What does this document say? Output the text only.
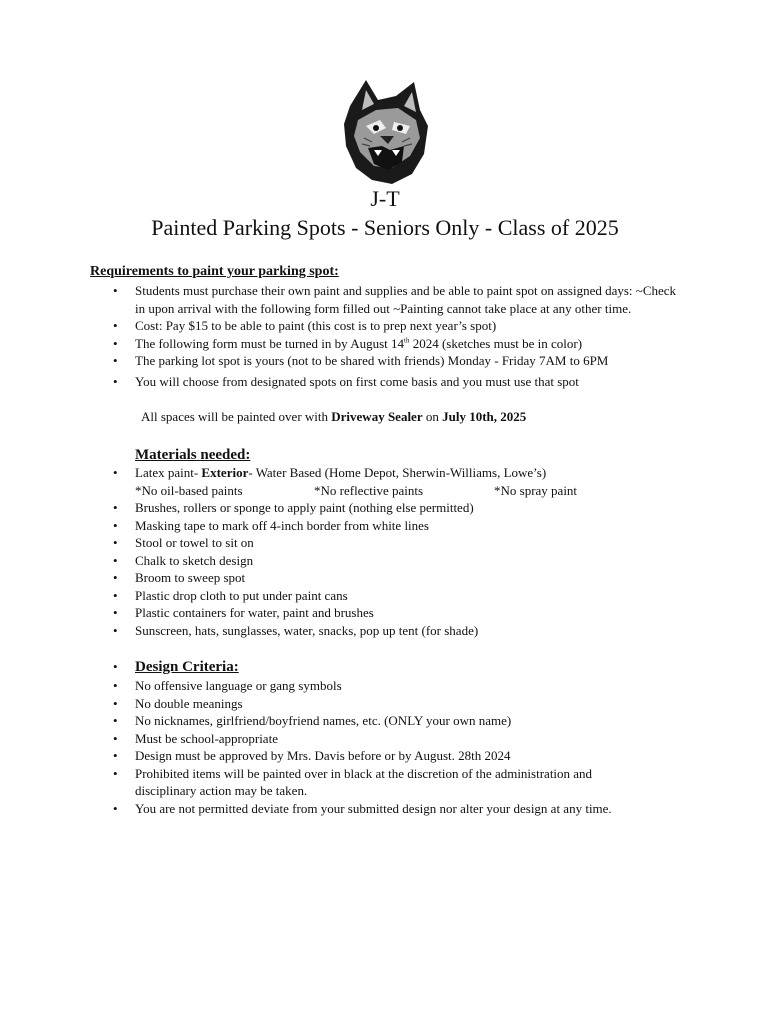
J-T
Painted Parking Spots - Seniors Only - Class of 2025
Requirements to paint your parking spot:
• Students must purchase their own paint and supplies and be able to paint spot on assigned days: ~Check in upon arrival with the following form filled out ~Painting cannot take place at any other time.
• Cost: Pay $15 to be able to paint (this cost is to prep next year’s spot)
• The following form must be turned in by August 14th 2024 (sketches must be in color)
• The parking lot spot is yours (not to be shared with friends) Monday - Friday 7AM to 6PM
• You will choose from designated spots on first come basis and you must use that spot
All spaces will be painted over with Driveway Sealer on July 10th, 2025
Materials needed:
• Latex paint- Exterior- Water Based (Home Depot, Sherwin-Williams, Lowe’s)
*No oil-based paints	*No reflective paints	*No spray paint
• Brushes, rollers or sponge to apply paint (nothing else permitted)
• Masking tape to mark off 4-inch border from white lines
• Stool or towel to sit on
• Chalk to sketch design
• Broom to sweep spot
• Plastic drop cloth to put under paint cans
• Plastic containers for water, paint and brushes
• Sunscreen, hats, sunglasses, water, snacks, pop up tent (for shade)
• Design Criteria:
• No offensive language or gang symbols
• No double meanings
• No nicknames, girlfriend/boyfriend names, etc. (ONLY your own name)
• Must be school-appropriate
• Design must be approved by Mrs. Davis before or by August. 28th 2024
• Prohibited items will be painted over in black at the discretion of the administration and disciplinary action may be taken.
• You are not permitted deviate from your submitted design nor alter your design at any time.
